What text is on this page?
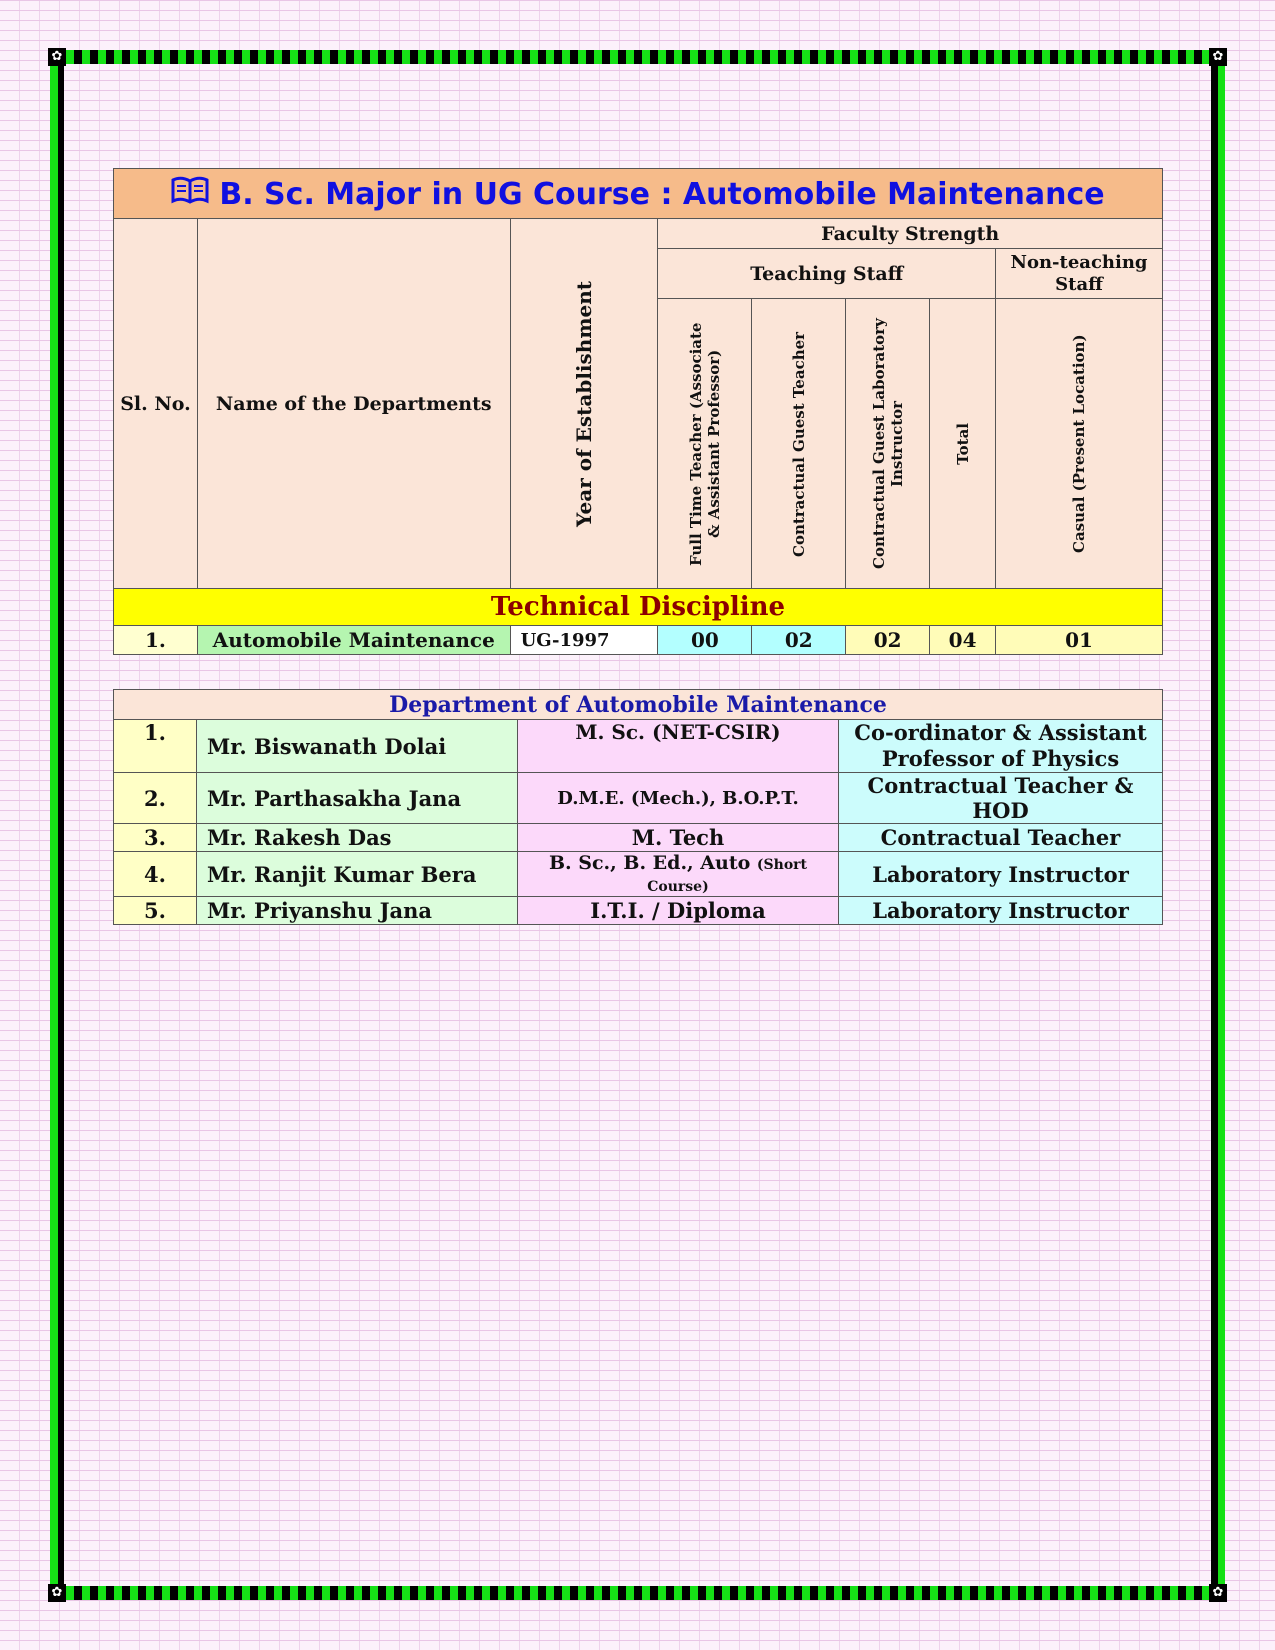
✿	✿
✿	✿
B. Sc. Major in UG Course : Automobile Maintenance							
Sl. No.	Name of the Departments	Year of Establishment	Faculty Strength				
			Teaching Staff				Non-teaching Staff

			Full Time Teacher (Associate & Assistant Professor)	Contractual Guest Teacher	Contractual Guest Laboratory Instructor	Total	Casual (Present Location)

Technical Discipline							
1.	Automobile Maintenance	UG-1997	00	02	02	04	01
Department of Automobile Maintenance			
1.	Mr. Biswanath Dolai	M. Sc. (NET-CSIR)	Co-ordinator & Assistant Professor of Physics
2.	Mr. Parthasakha Jana	D.M.E. (Mech.), B.O.P.T.	Contractual Teacher & HOD
3.	Mr. Rakesh Das	M. Tech	Contractual Teacher
4.	Mr. Ranjit Kumar Bera	B. Sc., B. Ed., Auto (Short Course)	Laboratory Instructor
5.	Mr. Priyanshu Jana	I.T.I. / Diploma	Laboratory Instructor
